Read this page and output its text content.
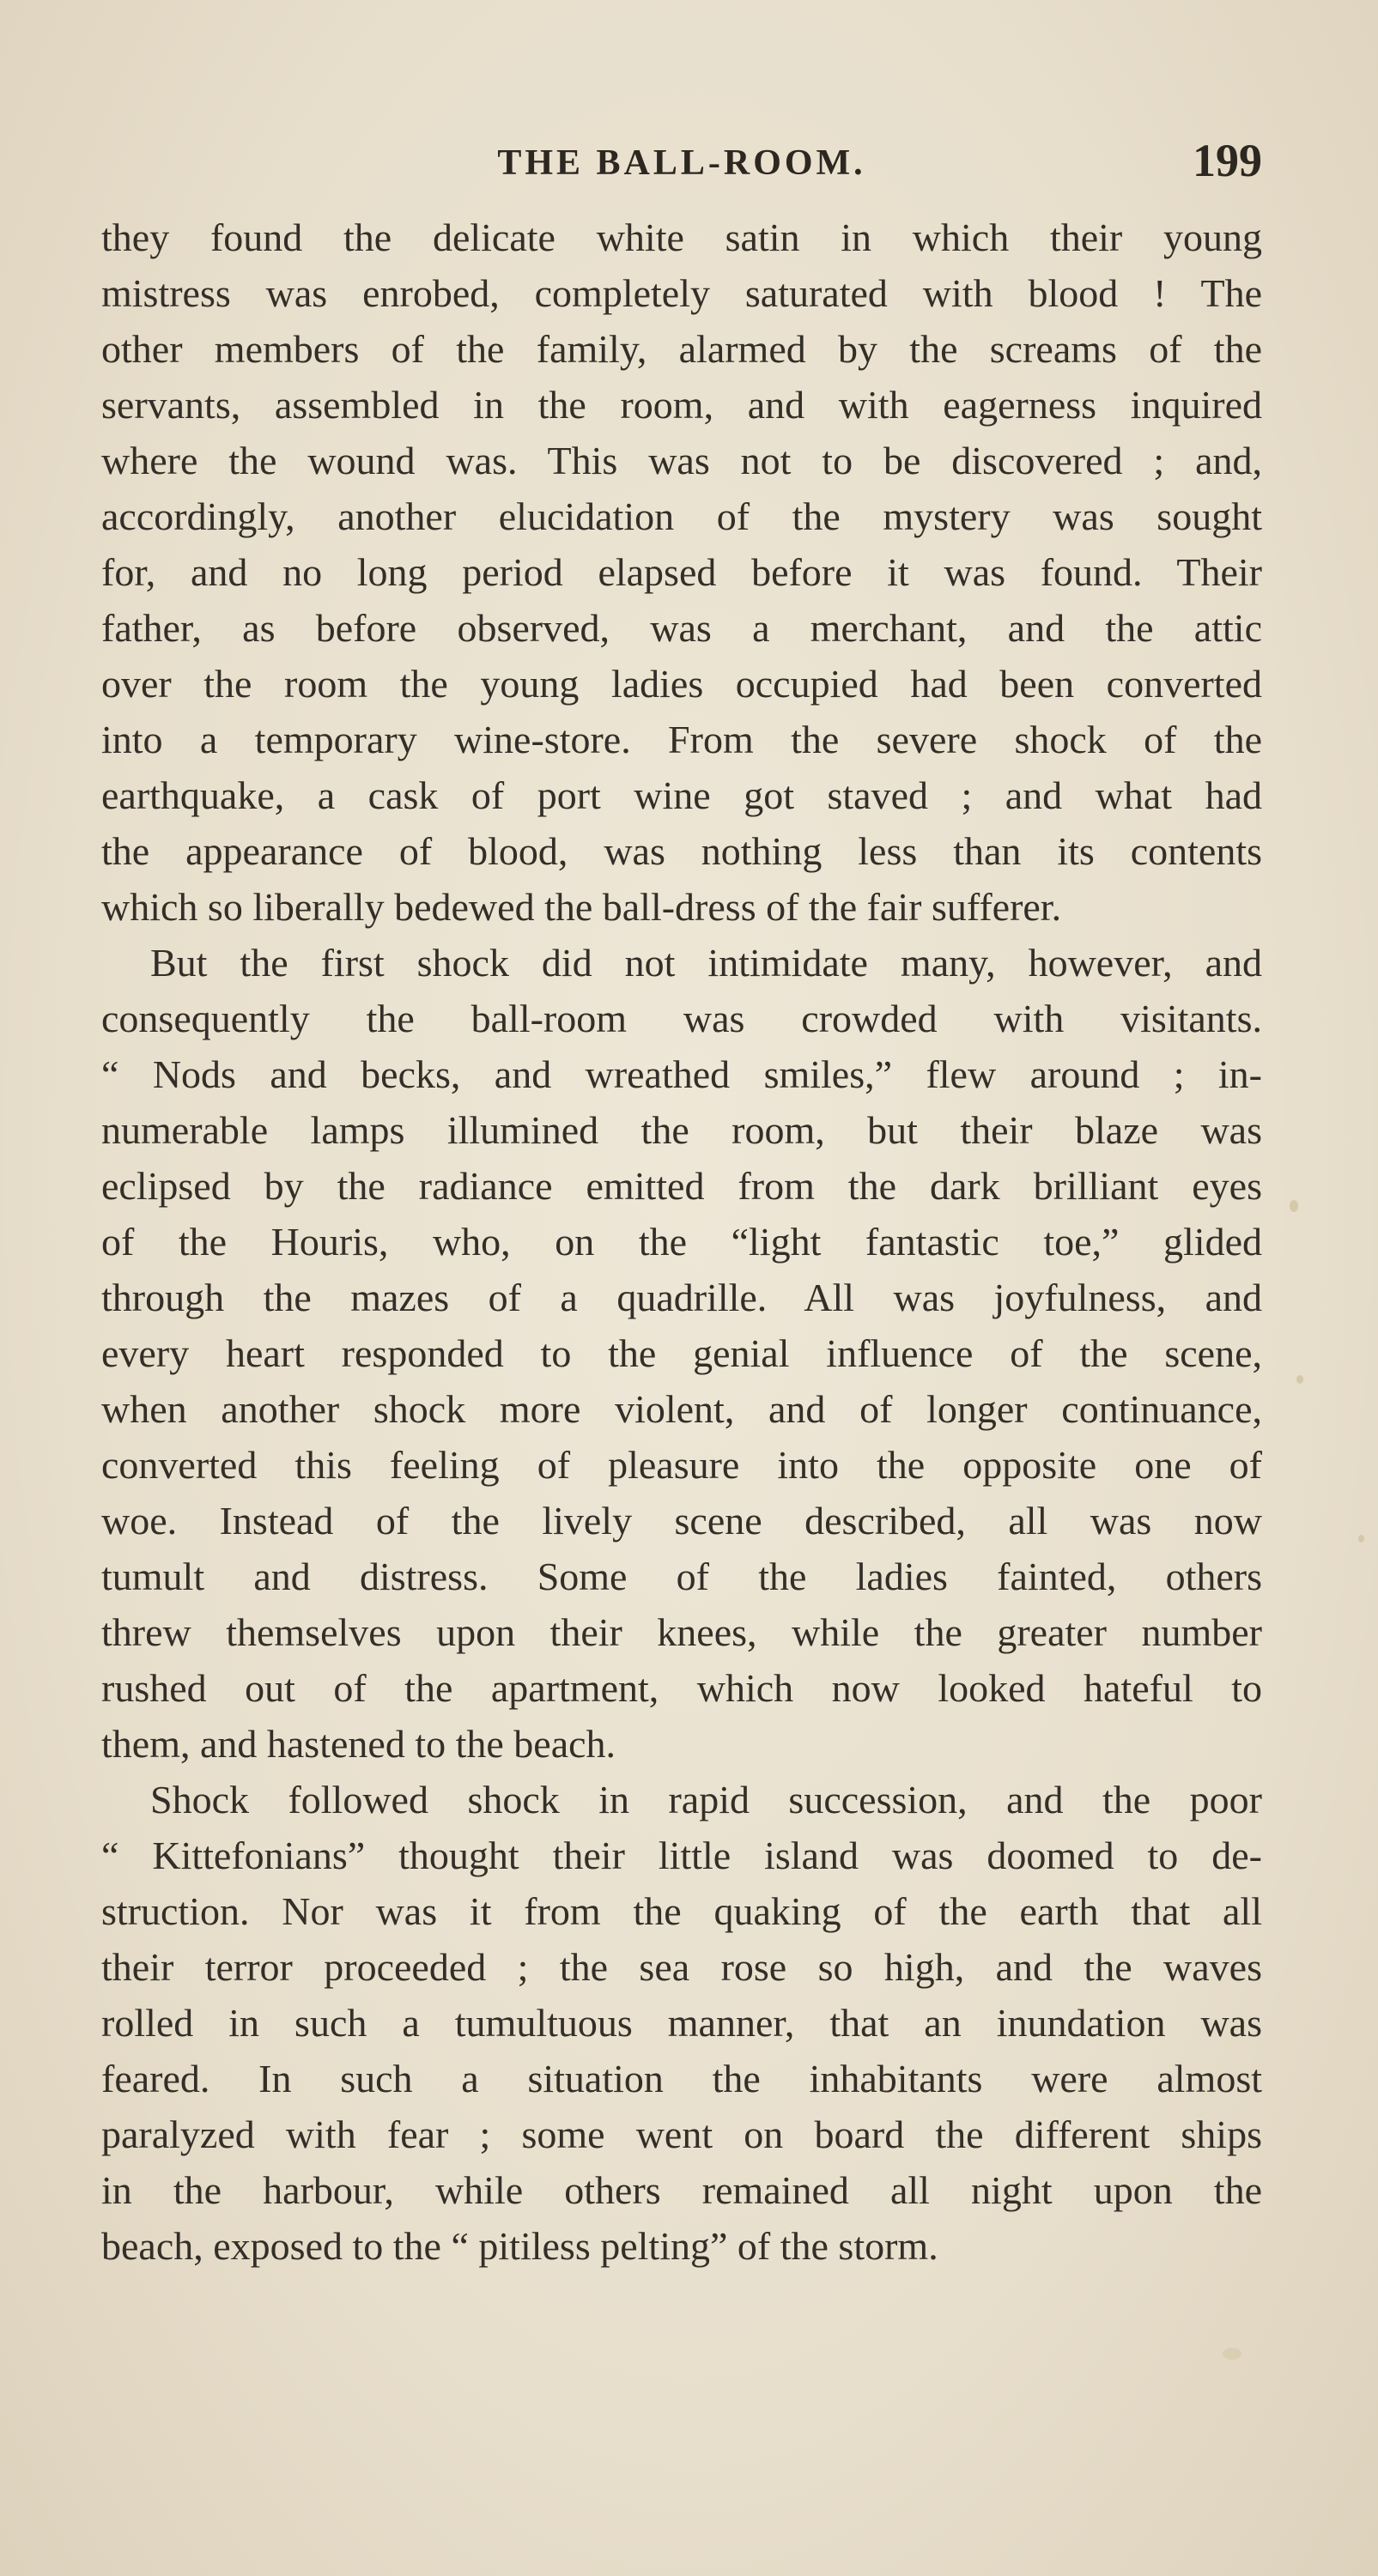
THE BALL-ROOM.	199
they found the delicate white satin in which their young
mistress was enrobed, completely saturated with blood ! The
other members of the family, alarmed by the screams of the
servants, assembled in the room, and with eagerness inquired
where the wound was. This was not to be discovered ; and,
accordingly, another elucidation of the mystery was sought
for, and no long period elapsed before it was found. Their
father, as before observed, was a merchant, and the attic
over the room the young ladies occupied had been converted
into a temporary wine-store. From the severe shock of the
earthquake, a cask of port wine got staved ; and what had
the appearance of blood, was nothing less than its contents
which so liberally bedewed the ball-dress of the fair sufferer.
But the first shock did not intimidate many, however, and
consequently the ball-room was crowded with visitants.
“ Nods and becks, and wreathed smiles,” flew around ; in-
numerable lamps illumined the room, but their blaze was
eclipsed by the radiance emitted from the dark brilliant eyes
of the Houris, who, on the “light fantastic toe,” glided
through the mazes of a quadrille. All was joyfulness, and
every heart responded to the genial influence of the scene,
when another shock more violent, and of longer continuance,
converted this feeling of pleasure into the opposite one of
woe. Instead of the lively scene described, all was now
tumult and distress. Some of the ladies fainted, others
threw themselves upon their knees, while the greater number
rushed out of the apartment, which now looked hateful to
them, and hastened to the beach.
Shock followed shock in rapid succession, and the poor
“ Kittefonians” thought their little island was doomed to de-
struction. Nor was it from the quaking of the earth that all
their terror proceeded ; the sea rose so high, and the waves
rolled in such a tumultuous manner, that an inundation was
feared. In such a situation the inhabitants were almost
paralyzed with fear ; some went on board the different ships
in the harbour, while others remained all night upon the
beach, exposed to the “ pitiless pelting” of the storm.
